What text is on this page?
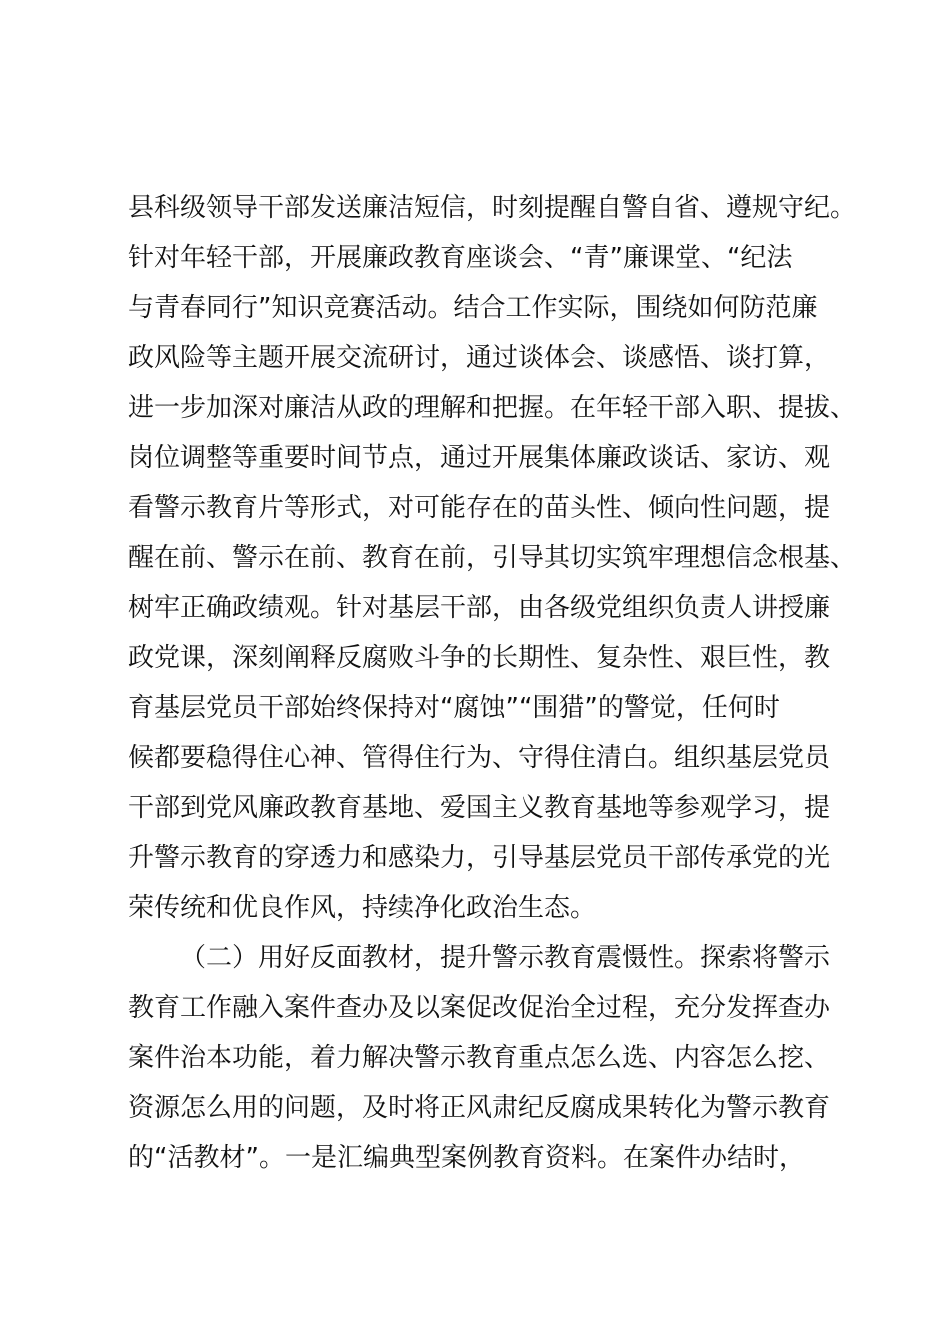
县科级领导干部发送廉洁短信，时刻提醒自警自省、遵规守纪。
针对年轻干部，开展廉政教育座谈会、“青”廉课堂、“纪法
与青春同行”知识竞赛活动。结合工作实际，围绕如何防范廉
政风险等主题开展交流研讨，通过谈体会、谈感悟、谈打算，
进一步加深对廉洁从政的理解和把握。在年轻干部入职、提拔、
岗位调整等重要时间节点，通过开展集体廉政谈话、家访、观
看警示教育片等形式，对可能存在的苗头性、倾向性问题，提
醒在前、警示在前、教育在前，引导其切实筑牢理想信念根基、
树牢正确政绩观。针对基层干部，由各级党组织负责人讲授廉
政党课，深刻阐释反腐败斗争的长期性、复杂性、艰巨性，教
育基层党员干部始终保持对“腐蚀”“围猎”的警觉，任何时
候都要稳得住心神、管得住行为、守得住清白。组织基层党员
干部到党风廉政教育基地、爱国主义教育基地等参观学习，提
升警示教育的穿透力和感染力，引导基层党员干部传承党的光
荣传统和优良作风，持续净化政治生态。
（二）用好反面教材，提升警示教育震慑性。探索将警示
教育工作融入案件查办及以案促改促治全过程，充分发挥查办
案件治本功能，着力解决警示教育重点怎么选、内容怎么挖、
资源怎么用的问题，及时将正风肃纪反腐成果转化为警示教育
的“活教材”。一是汇编典型案例教育资料。在案件办结时，
